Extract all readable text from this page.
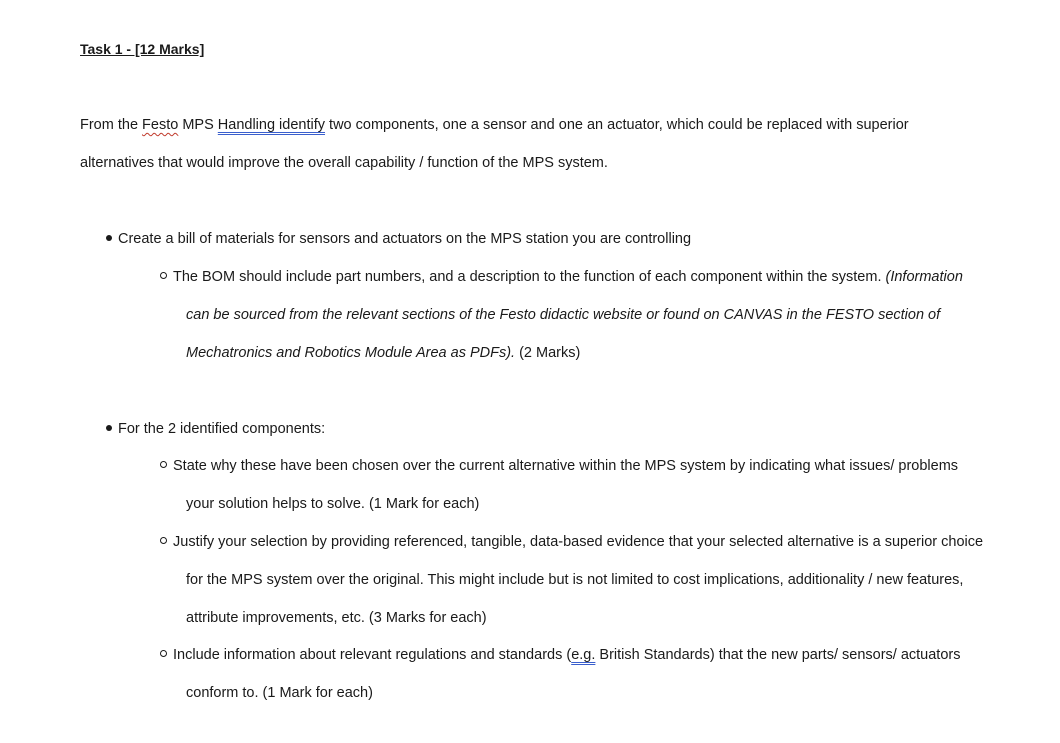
Task 1 - [12 Marks]
From the Festo MPS Handling identify two components, one a sensor and one an actuator, which could be replaced with superior
alternatives that would improve the overall capability / function of the MPS system.
Create a bill of materials for sensors and actuators on the MPS station you are controlling
The BOM should include part numbers, and a description to the function of each component within the system. (Information
can be sourced from the relevant sections of the Festo didactic website or found on CANVAS in the FESTO section of
Mechatronics and Robotics Module Area as PDFs). (2 Marks)
For the 2 identified components:
State why these have been chosen over the current alternative within the MPS system by indicating what issues/ problems
your solution helps to solve. (1 Mark for each)
Justify your selection by providing referenced, tangible, data-based evidence that your selected alternative is a superior choice
for the MPS system over the original. This might include but is not limited to cost implications, additionality / new features,
attribute improvements, etc. (3 Marks for each)
Include information about relevant regulations and standards (e.g. British Standards) that the new parts/ sensors/ actuators
conform to. (1 Mark for each)
